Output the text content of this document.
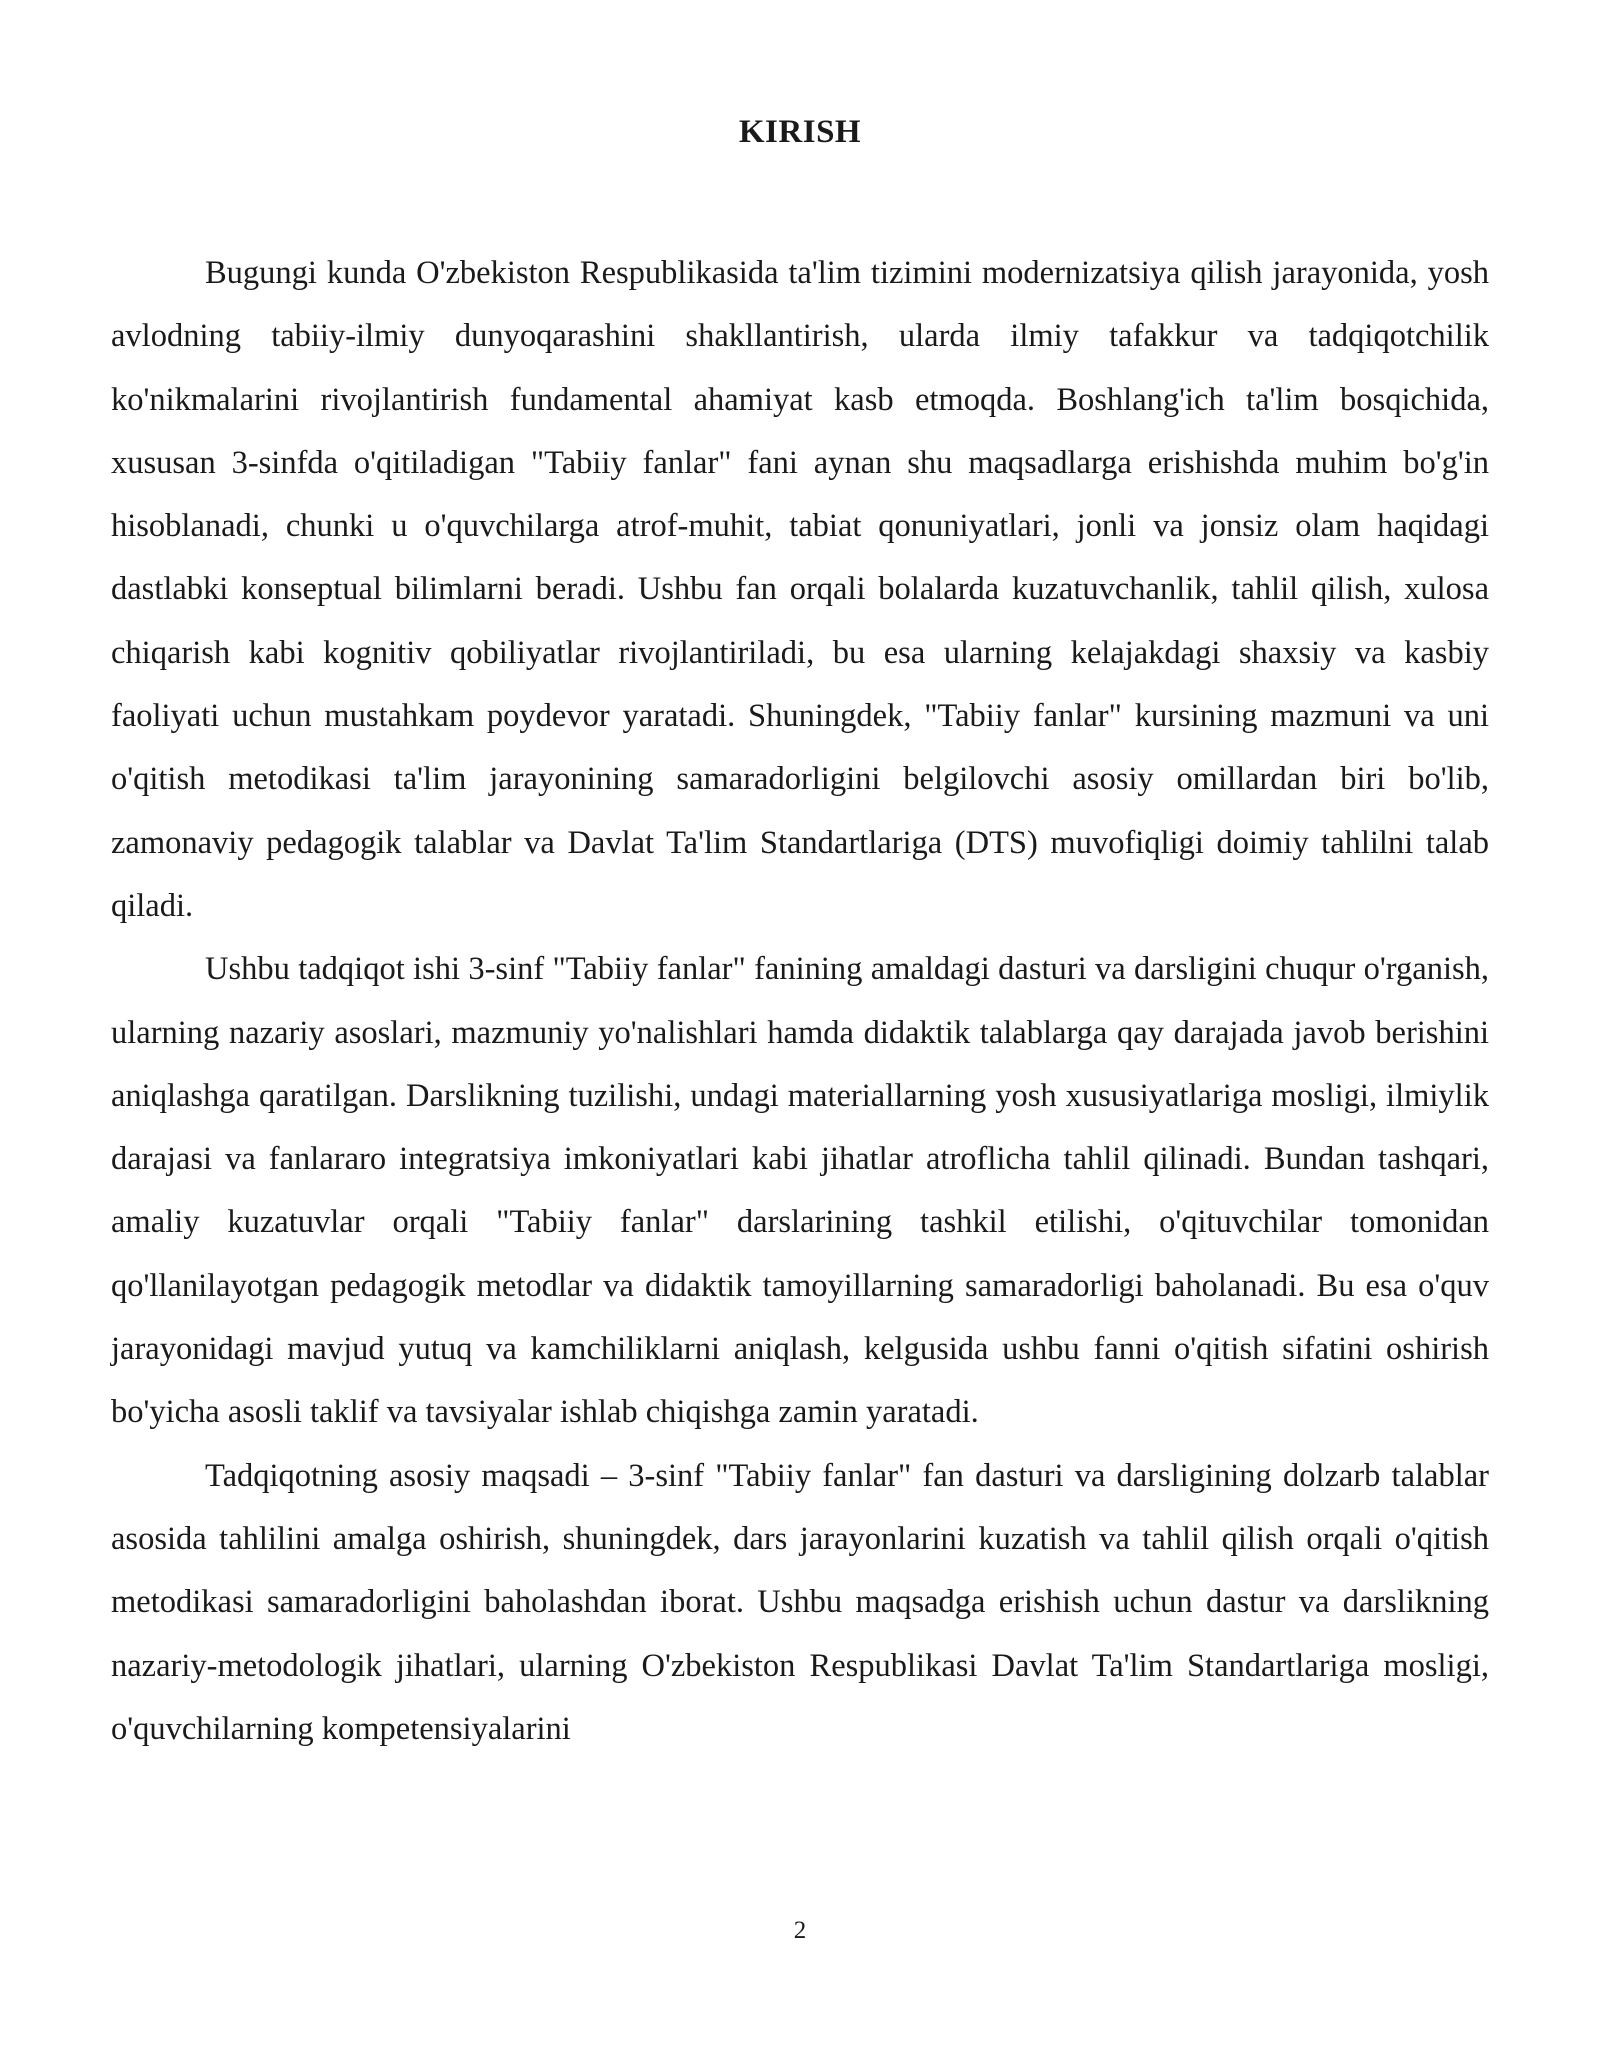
KIRISH

Bugungi kunda O'zbekiston Respublikasida ta'lim tizimini modernizatsiya qilish jarayonida, yosh avlodning tabiiy-ilmiy dunyoqarashini shakllantirish, ularda ilmiy tafakkur va tadqiqotchilik ko'nikmalarini rivojlantirish fundamental ahamiyat kasb etmoqda. Boshlang'ich ta'lim bosqichida, xususan 3-sinfda o'qitiladigan "Tabiiy fanlar" fani aynan shu maqsadlarga erishishda muhim bo'g'in hisoblanadi, chunki u o'quvchilarga atrof-muhit, tabiat qonuniyatlari, jonli va jonsiz olam haqidagi dastlabki konseptual bilimlarni beradi. Ushbu fan orqali bolalarda kuzatuvchanlik, tahlil qilish, xulosa chiqarish kabi kognitiv qobiliyatlar rivojlantiriladi, bu esa ularning kelajakdagi shaxsiy va kasbiy faoliyati uchun mustahkam poydevor yaratadi. Shuningdek, "Tabiiy fanlar" kursining mazmuni va uni o'qitish metodikasi ta'lim jarayonining samaradorligini belgilovchi asosiy omillardan biri bo'lib, zamonaviy pedagogik talablar va Davlat Ta'lim Standartlariga (DTS) muvofiqligi doimiy tahlilni talab qiladi.

Ushbu tadqiqot ishi 3-sinf "Tabiiy fanlar" fanining amaldagi dasturi va darsligini chuqur o'rganish, ularning nazariy asoslari, mazmuniy yo'nalishlari hamda didaktik talablarga qay darajada javob berishini aniqlashga qaratilgan. Darslikning tuzilishi, undagi materiallarning yosh xususiyatlariga mosligi, ilmiylik darajasi va fanlararo integratsiya imkoniyatlari kabi jihatlar atroflicha tahlil qilinadi. Bundan tashqari, amaliy kuzatuvlar orqali "Tabiiy fanlar" darslarining tashkil etilishi, o'qituvchilar tomonidan qo'llanilayotgan pedagogik metodlar va didaktik tamoyillarning samaradorligi baholanadi. Bu esa o'quv jarayonidagi mavjud yutuq va kamchiliklarni aniqlash, kelgusida ushbu fanni o'qitish sifatini oshirish bo'yicha asosli taklif va tavsiyalar ishlab chiqishga zamin yaratadi.

Tadqiqotning asosiy maqsadi – 3-sinf "Tabiiy fanlar" fan dasturi va darsligining dolzarb talablar asosida tahlilini amalga oshirish, shuningdek, dars jarayonlarini kuzatish va tahlil qilish orqali o'qitish metodikasi samaradorligini baholashdan iborat. Ushbu maqsadga erishish uchun dastur va darslikning nazariy-metodologik jihatlari, ularning O'zbekiston Respublikasi Davlat Ta'lim Standartlariga mosligi, o'quvchilarning kompetensiyalarini

2
